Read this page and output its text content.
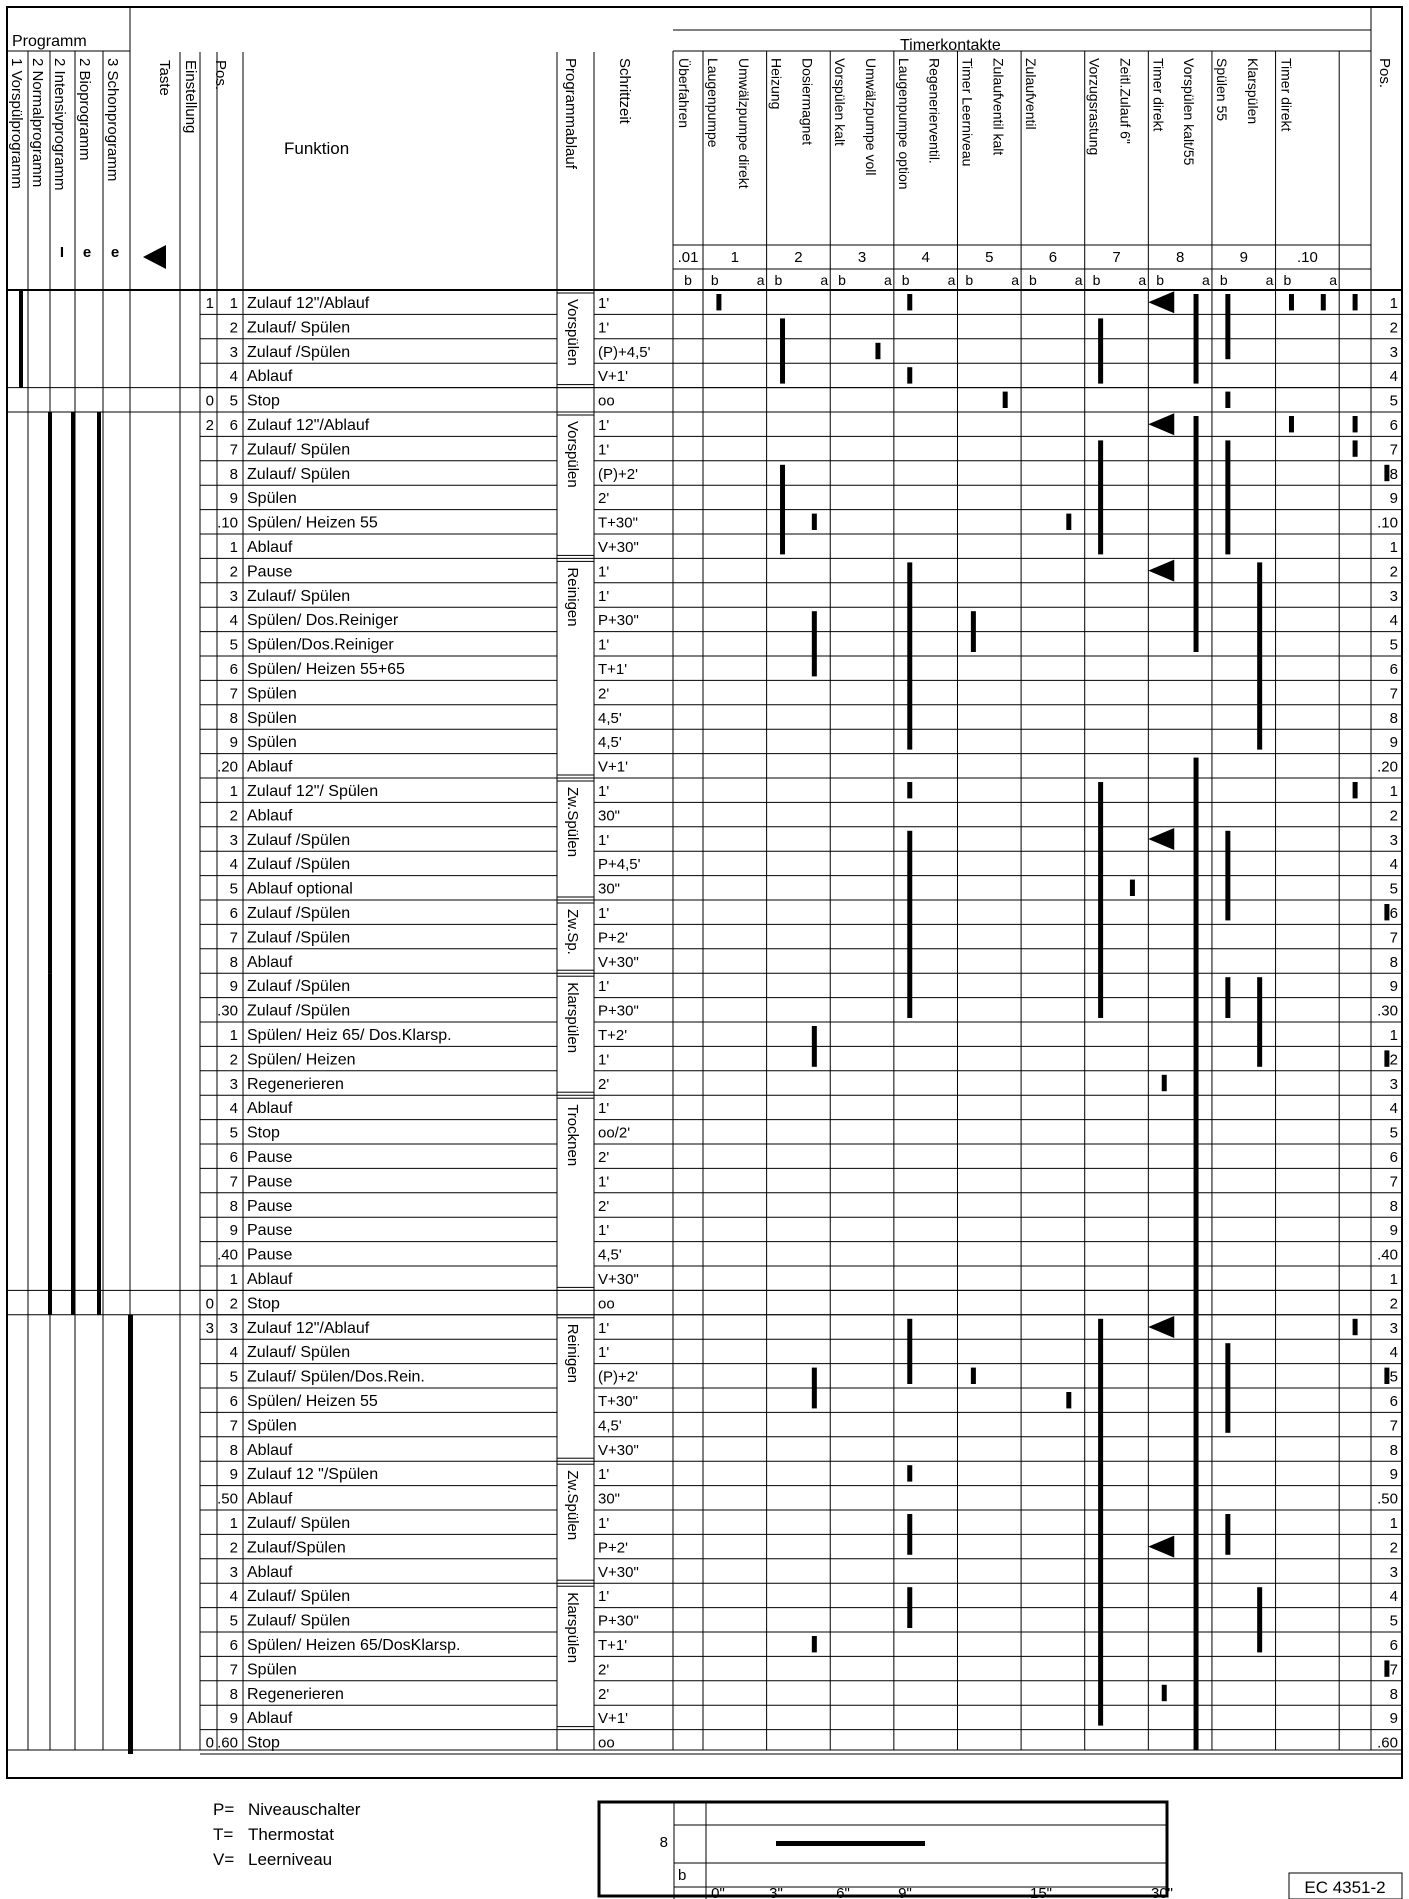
Programm	Timerkontakte
1 Vorspülprogramm 2 Normalprogramm 2 Intensivprogramm
I
2 Bioprogramm
e
3 Schonprogramm
e
Taste Einstellung Pos.
Funktion	Programmablauf Schrittzeit	Pos.
.01
Überfahren
1
Laugenpumpe Umwälzpumpe direkt
2
Heizung Dosiermagnet
3
Vorspülen kalt Umwälzpumpe voll
4
Laugenpumpe option Regenerierventil.
5
Timer Leerniveau Zulaufventil kalt
6
Zulaufventil
7
Vorzugsrastung Zeitl.Zulauf 6"
8
Timer direkt Vorspülen kalt/55
9
Spülen 55 Klarspülen
.10
Timer direkt
b b	a b	a b	a b	a b	a b	a b	a b	a b	a b	a
1 1 Zulauf 12"/Ablauf	1'	1
2 Zulauf/ Spülen	1'	2
3 Zulauf /Spülen	(P)+4,5'	3
4 Ablauf	V+1'	4
0 5 Stop	oo	5
2 6 Zulauf 12"/Ablauf	1'	6
7 Zulauf/ Spülen	1'	7
8 Zulauf/ Spülen	(P)+2'	8
9 Spülen	2'	9
.10 Spülen/ Heizen 55	T+30"	.10
1 Ablauf	V+30"	1
2 Pause	1'	2
3 Zulauf/ Spülen	1'	3
4 Spülen/ Dos.Reiniger	P+30"	4
5 Spülen/Dos.Reiniger	1'	5
6 Spülen/ Heizen 55+65	T+1'	6
7 Spülen	2'	7
8 Spülen	4,5'	8
9 Spülen	4,5'	9
.20 Ablauf	V+1'	.20
1 Zulauf 12"/ Spülen	1'	1
2 Ablauf	30"	2
3 Zulauf /Spülen	1'	3
4 Zulauf /Spülen	P+4,5'	4
5 Ablauf optional	30"	5
6 Zulauf /Spülen	1'	6
7 Zulauf /Spülen	P+2'	7
8 Ablauf	V+30"	8
9 Zulauf /Spülen	1'	9
.30 Zulauf /Spülen	P+30"	.30
1 Spülen/ Heiz 65/ Dos.Klarsp.	T+2'	1
2 Spülen/ Heizen	1'	2
3 Regenerieren	2'	3
4 Ablauf	1'	4
5 Stop	oo/2'	5
6 Pause	2'	6
7 Pause	1'	7
8 Pause	2'	8
9 Pause	1'	9
.40 Pause	4,5'	.40
1 Ablauf	V+30"	1
0 2 Stop	oo	2
3 3 Zulauf 12"/Ablauf	1'	3
4 Zulauf/ Spülen	1'	4
5 Zulauf/ Spülen/Dos.Rein.	(P)+2'	5
6 Spülen/ Heizen 55	T+30"	6
7 Spülen	4,5'	7
8 Ablauf	V+30"	8
9 Zulauf 12 "/Spülen	1'	9
.50 Ablauf	30"	.50
1 Zulauf/ Spülen	1'	1
2 Zulauf/Spülen	P+2'	2
3 Ablauf	V+30"	3
4 Zulauf/ Spülen	1'	4
5 Zulauf/ Spülen	P+30"	5
6 Spülen/ Heizen 65/DosKlarsp.	T+1'	6
7 Spülen	2'	7
8 Regenerieren	2'	8
9 Ablauf	V+1'	9
0 .60 Stop	oo	.60
Vorspülen
Vorspülen
Reinigen
Zw.Spülen
Zw.Sp.
Klarspülen
Trocknen
Reinigen
Zw.Spülen
Klarspülen
P= Niveauschalter
T= Thermostat
V= Leerniveau
8
b
0"	3"	6"	9"	15"	30"	EC 4351-2
